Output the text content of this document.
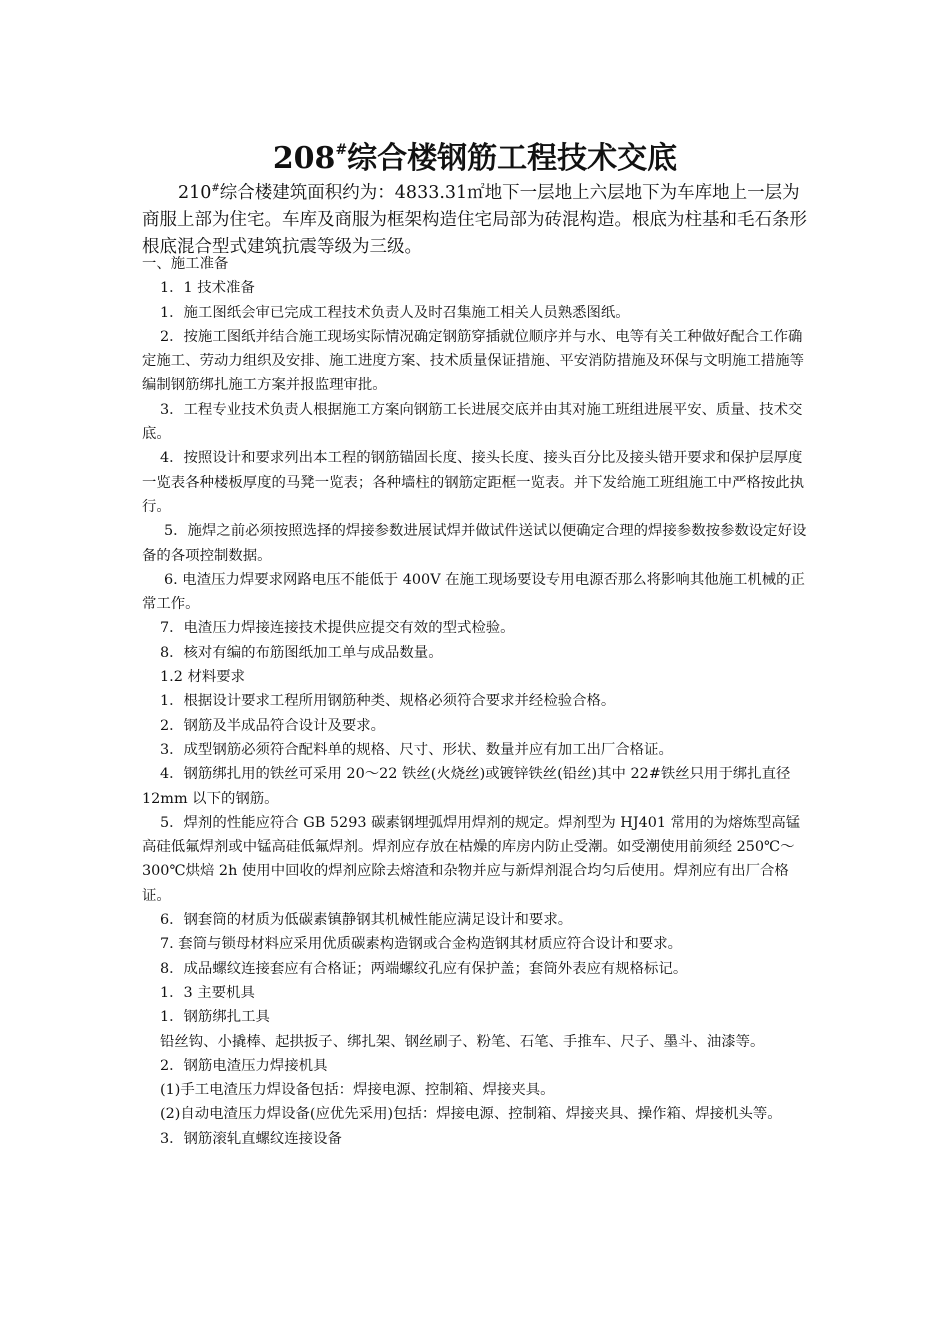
208#综合楼钢筋工程技术交底
210#综合楼建筑面积约为：4833.31㎡地下一层地上六层地下为车库地上一层为商服上部为住宅。车库及商服为框架构造住宅局部为砖混构造。根底为柱基和毛石条形根底混合型式建筑抗震等级为三级。

一、施工准备

1．1 技术准备

1．施工图纸会审已完成工程技术负责人及时召集施工相关人员熟悉图纸。

2．按施工图纸并结合施工现场实际情况确定钢筋穿插就位顺序并与水、电等有关工种做好配合工作确定施工、劳动力组织及安排、施工进度方案、技术质量保证措施、平安消防措施及环保与文明施工措施等编制钢筋绑扎施工方案并报监理审批。

3．工程专业技术负责人根据施工方案向钢筋工长进展交底并由其对施工班组进展平安、质量、技术交底。

4．按照设计和要求列出本工程的钢筋锚固长度、接头长度、接头百分比及接头错开要求和保护层厚度一览表各种楼板厚度的马凳一览表；各种墙柱的钢筋定距框一览表。并下发给施工班组施工中严格按此执行。

5．施焊之前必须按照选择的焊接参数进展试焊并做试件送试以便确定合理的焊接参数按参数设定好设备的各项控制数据。

6. 电渣压力焊要求网路电压不能低于 400V 在施工现场要设专用电源否那么将影响其他施工机械的正常工作。

7．电渣压力焊接连接技术提供应提交有效的型式检验。

8．核对有编的布筋图纸加工单与成品数量。

1.2 材料要求

1．根据设计要求工程所用钢筋种类、规格必须符合要求并经检验合格。

2．钢筋及半成品符合设计及要求。

3．成型钢筋必须符合配料单的规格、尺寸、形状、数量并应有加工出厂合格证。

4．钢筋绑扎用的铁丝可采用 20～22 铁丝(火烧丝)或镀锌铁丝(铅丝)其中 22#铁丝只用于绑扎直径 12mm 以下的钢筋。

5．焊剂的性能应符合 GB 5293 碳素钢埋弧焊用焊剂的规定。焊剂型为 HJ401 常用的为熔炼型高锰高硅低氟焊剂或中锰高硅低氟焊剂。焊剂应存放在枯燥的库房内防止受潮。如受潮使用前须经 250℃～300℃烘焙 2h 使用中回收的焊剂应除去熔渣和杂物并应与新焊剂混合均匀后使用。焊剂应有出厂合格证。

6．钢套筒的材质为低碳素镇静钢其机械性能应满足设计和要求。

7. 套筒与锁母材料应采用优质碳素构造钢或合金构造钢其材质应符合设计和要求。

8．成品螺纹连接套应有合格证；两端螺纹孔应有保护盖；套筒外表应有规格标记。

1．3 主要机具

1．钢筋绑扎工具

铅丝钩、小撬棒、起拱扳子、绑扎架、钢丝刷子、粉笔、石笔、手推车、尺子、墨斗、油漆等。

2．钢筋电渣压力焊接机具

(1)手工电渣压力焊设备包括：焊接电源、控制箱、焊接夹具。

(2)自动电渣压力焊设备(应优先采用)包括：焊接电源、控制箱、焊接夹具、操作箱、焊接机头等。

3．钢筋滚轧直螺纹连接设备
